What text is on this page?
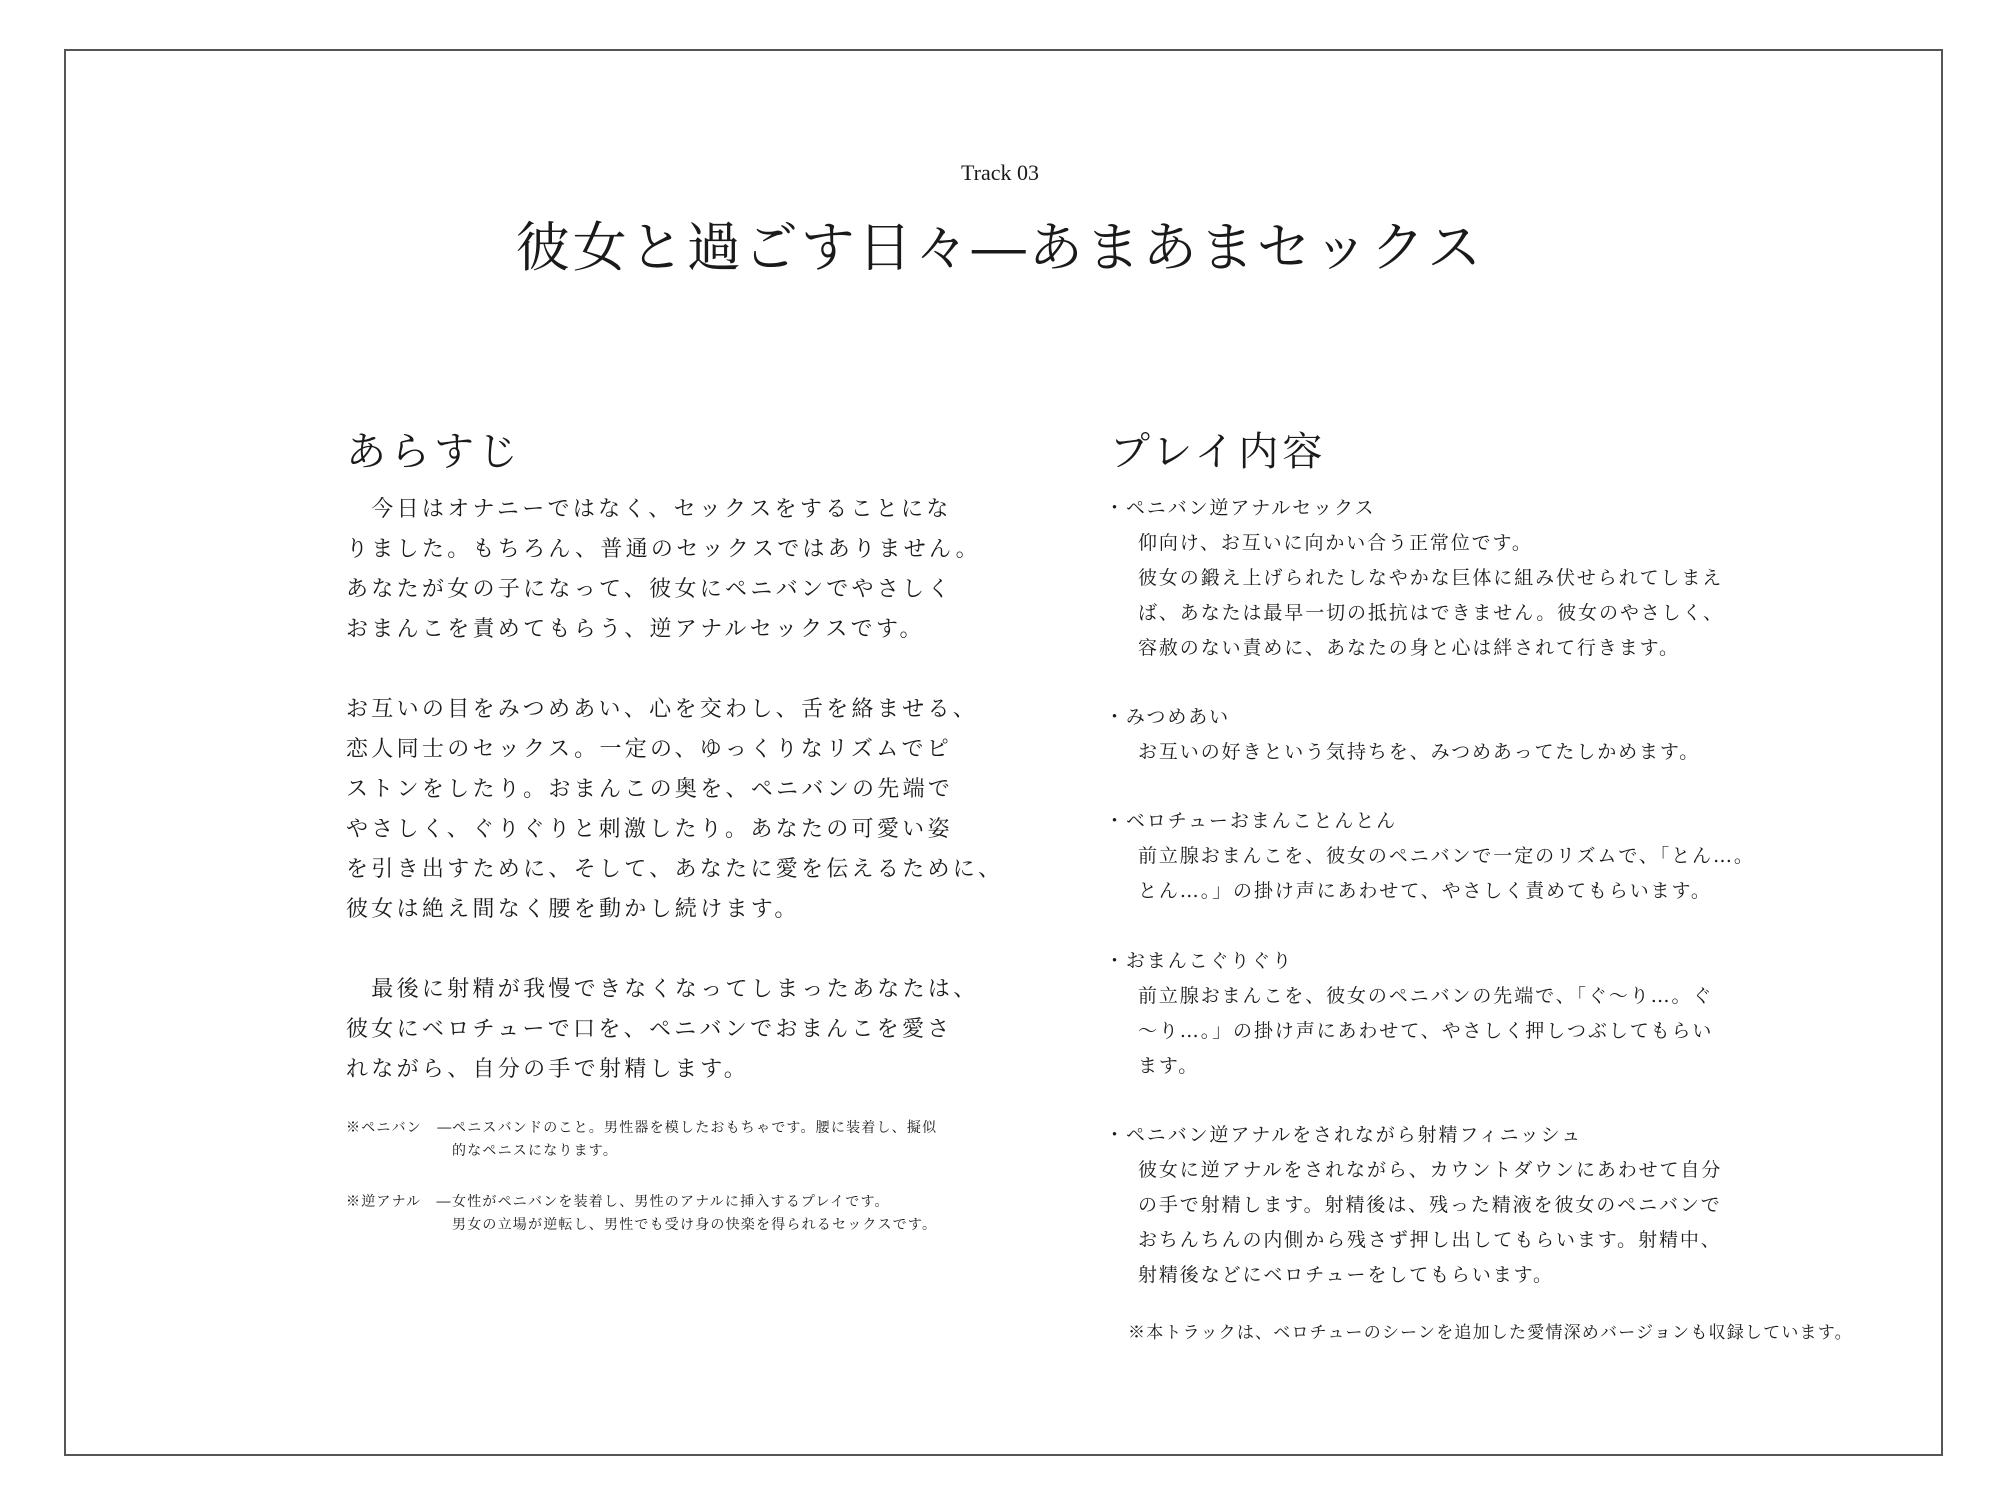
Track 03
彼女と過ごす日々―あまあまセックス
あらすじ
　今日はオナニーではなく、セックスをすることにな
りました。もちろん、普通のセックスではありません。
あなたが女の子になって、彼女にペニバンでやさしく
おまんこを責めてもらう、逆アナルセックスです。
お互いの目をみつめあい、心を交わし、舌を絡ませる、
恋人同士のセックス。一定の、ゆっくりなリズムでピ
ストンをしたり。おまんこの奥を、ペニバンの先端で
やさしく、ぐりぐりと刺激したり。あなたの可愛い姿
を引き出すために、そして、あなたに愛を伝えるために、
彼女は絶え間なく腰を動かし続けます。
　最後に射精が我慢できなくなってしまったあなたは、
彼女にベロチューで口を、ペニバンでおまんこを愛さ
れながら、自分の手で射精します。
※ペニバン　― ペニスバンドのこと。男性器を模したおもちゃです。腰に装着し、擬似
的なペニスになります。
※逆アナル　― 女性がペニバンを装着し、男性のアナルに挿入するプレイです。
男女の立場が逆転し、男性でも受け身の快楽を得られるセックスです。
プレイ内容
・ペニバン逆アナルセックス
仰向け、お互いに向かい合う正常位です。
彼女の鍛え上げられたしなやかな巨体に組み伏せられてしまえ
ば、あなたは最早一切の抵抗はできません。彼女のやさしく、
容赦のない責めに、あなたの身と心は絆されて行きます。
・みつめあい
お互いの好きという気持ちを、みつめあってたしかめます。
・ベロチューおまんことんとん
前立腺おまんこを、彼女のペニバンで一定のリズムで、「とん…。
とん…。」の掛け声にあわせて、やさしく責めてもらいます。
・おまんこぐりぐり
前立腺おまんこを、彼女のペニバンの先端で、「ぐ～り…。ぐ
～り…。」の掛け声にあわせて、やさしく押しつぶしてもらい
ます。
・ペニバン逆アナルをされながら射精フィニッシュ
彼女に逆アナルをされながら、カウントダウンにあわせて自分
の手で射精します。射精後は、残った精液を彼女のペニバンで
おちんちんの内側から残さず押し出してもらいます。射精中、
射精後などにベロチューをしてもらいます。
※本トラックは、ベロチューのシーンを追加した愛情深めバージョンも収録しています。
